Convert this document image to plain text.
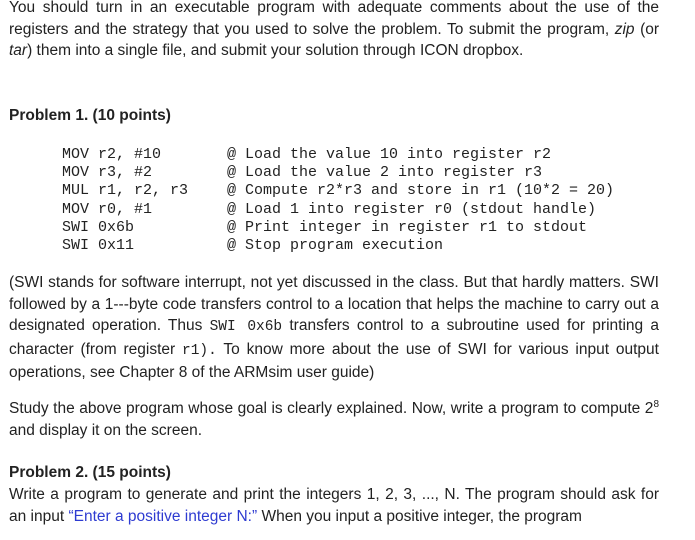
You should turn in an executable program with adequate comments about the use of the registers and the strategy that you used to solve the problem. To submit the program, zip (or tar) them into a single file, and submit your solution through ICON dropbox.

Problem 1. (10 points)

MOV r2, #10	@ Load the value 10 into register r2
MOV r3, #2	@ Load the value 2 into register r3
MUL r1, r2, r3	@ Compute r2*r3 and store in r1 (10*2 = 20)
MOV r0, #1	@ Load 1 into register r0 (stdout handle)
SWI 0x6b	@ Print integer in register r1 to stdout
SWI 0x11	@ Stop program execution

(SWI stands for software interrupt, not yet discussed in the class. But that hardly matters. SWI followed by a 1---byte code transfers control to a location that helps the machine to carry out a designated operation. Thus SWI 0x6b transfers control to a subroutine used for printing a character (from register r1). To know more about the use of SWI for various input output operations, see Chapter 8 of the ARMsim user guide)

Study the above program whose goal is clearly explained. Now, write a program to compute $2^8$ and display it on the screen.

Problem 2. (15 points)

Write a program to generate and print the integers 1, 2, 3, ..., N. The program should ask for an input “Enter a positive integer N:” When you input a positive integer, the program
